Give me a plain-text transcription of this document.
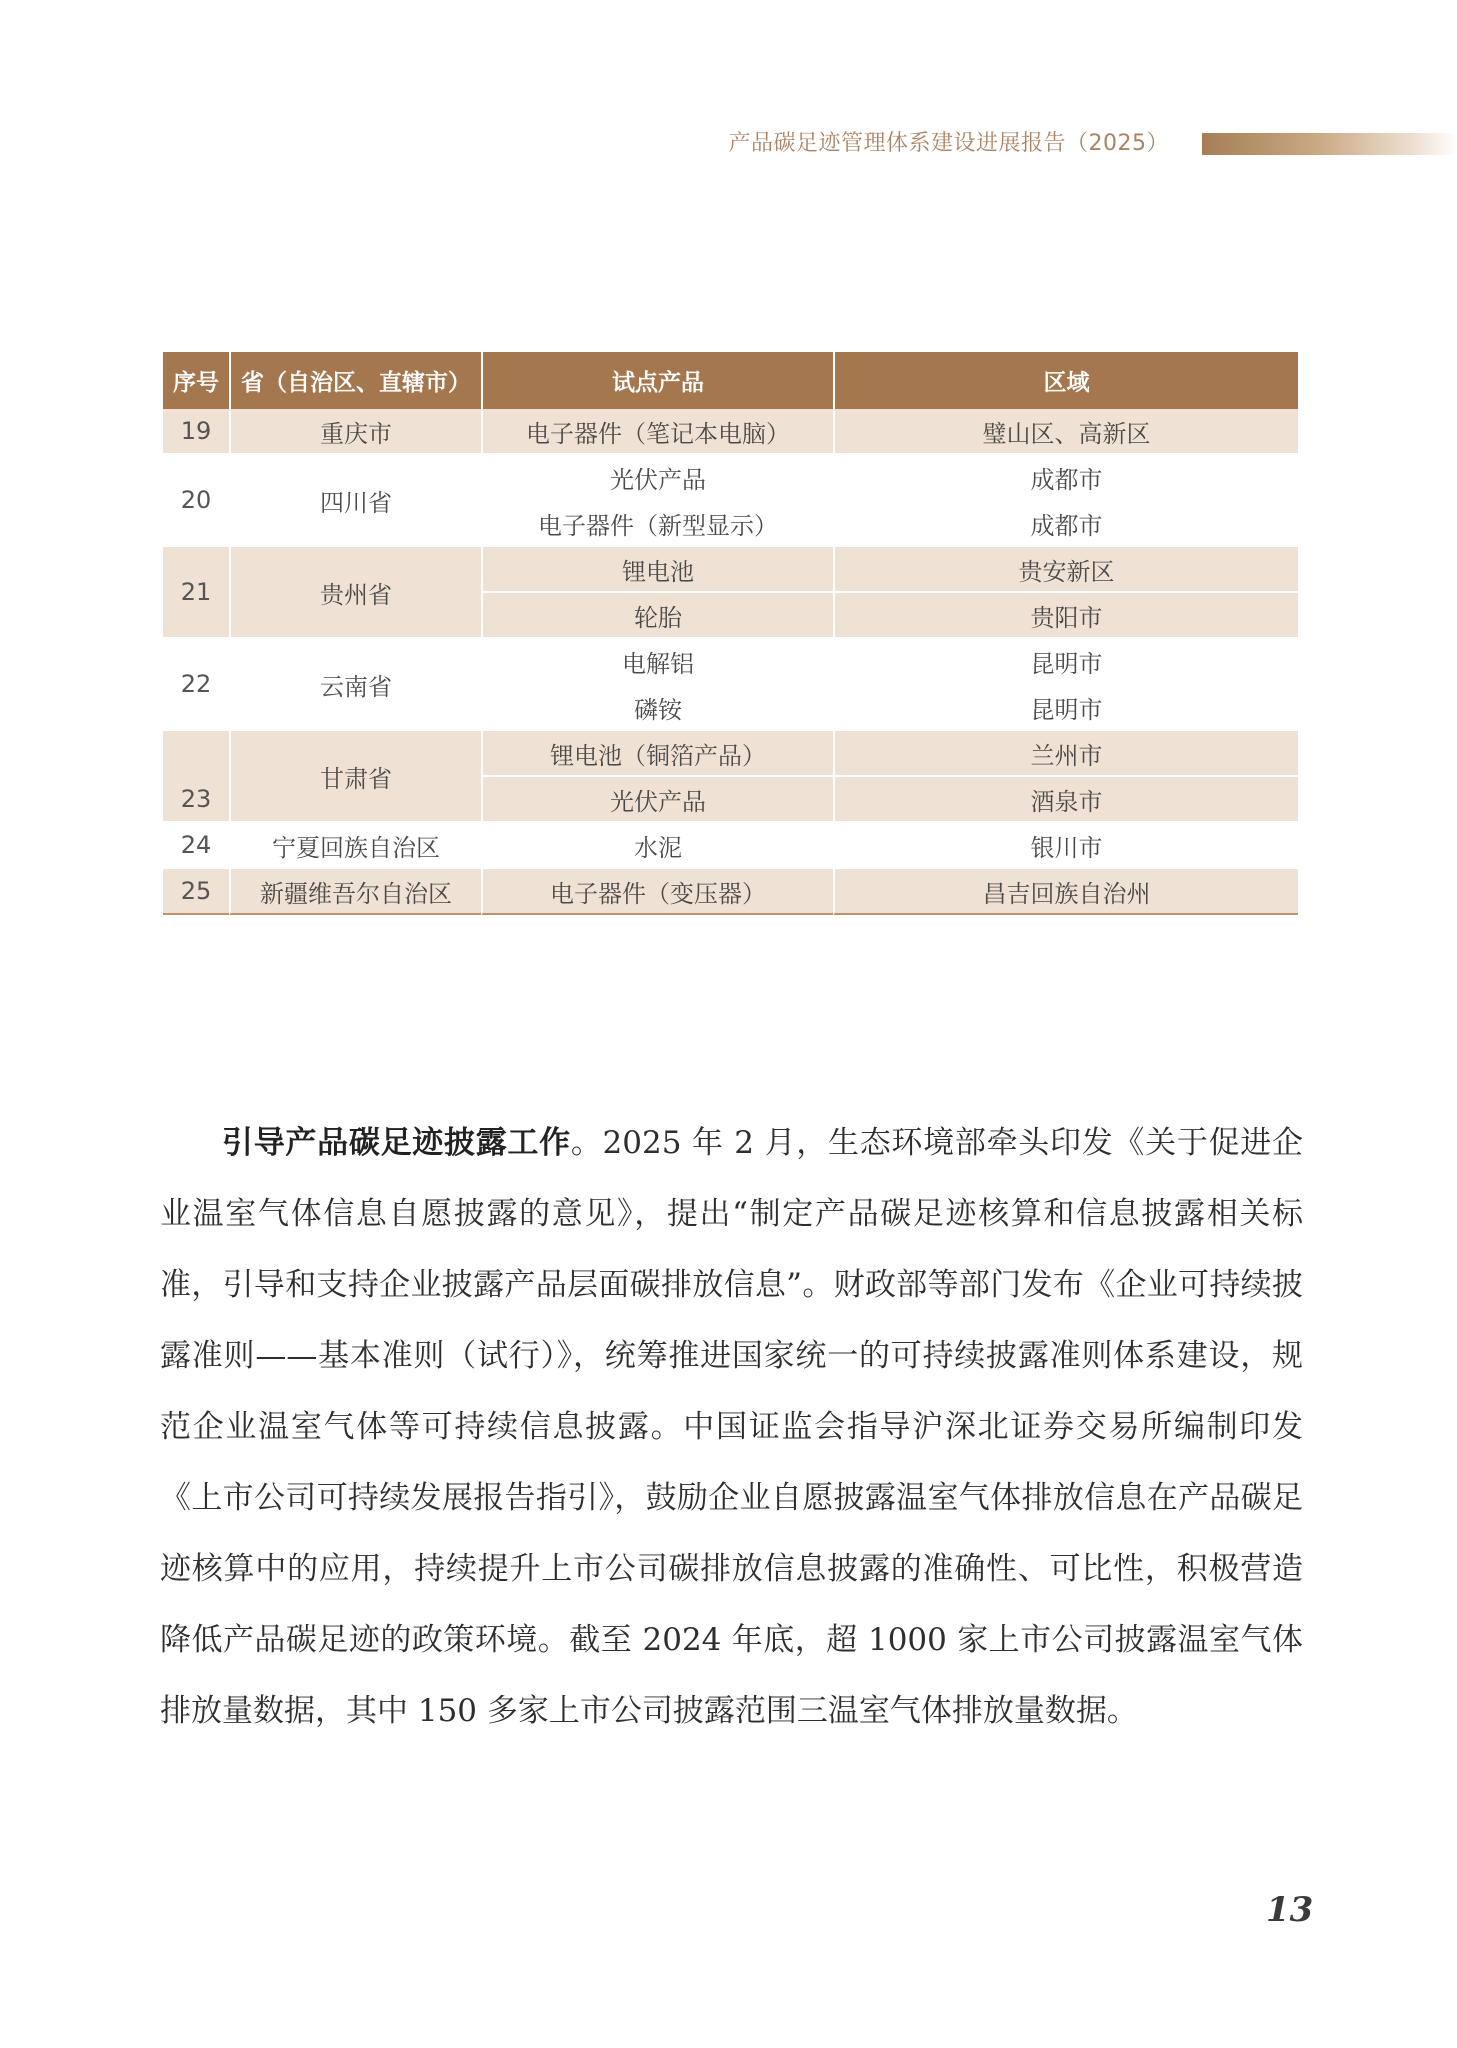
产品碳足迹管理体系建设进展报告（2025）
序号	省（自治区、直辖市）	试点产品	区域
19	重庆市	电子器件（笔记本电脑）	璧山区、高新区
20	四川省	光伏产品	成都市
		电子器件（新型显示）	成都市
21	贵州省	锂电池	贵安新区
		轮胎	贵阳市
22	云南省	电解铝	昆明市
		磷铵	昆明市
23	甘肃省	锂电池（铜箔产品）	兰州市
		光伏产品	酒泉市
24	宁夏回族自治区	水泥	银川市
25	新疆维吾尔自治区	电子器件（变压器）	昌吉回族自治州

引导产品碳足迹披露工作。2025 年 2 月，生态环境部牵头印发《关于促进企业温室气体信息自愿披露的意见》，提出“制定产品碳足迹核算和信息披露相关标准，引导和支持企业披露产品层面碳排放信息”。财政部等部门发布《企业可持续披露准则——基本准则（试行）》，统筹推进国家统一的可持续披露准则体系建设，规范企业温室气体等可持续信息披露。中国证监会指导沪深北证券交易所编制印发《上市公司可持续发展报告指引》，鼓励企业自愿披露温室气体排放信息在产品碳足迹核算中的应用，持续提升上市公司碳排放信息披露的准确性、可比性，积极营造降低产品碳足迹的政策环境。截至 2024 年底，超 1000 家上市公司披露温室气体排放量数据，其中 150 多家上市公司披露范围三温室气体排放量数据。

13
